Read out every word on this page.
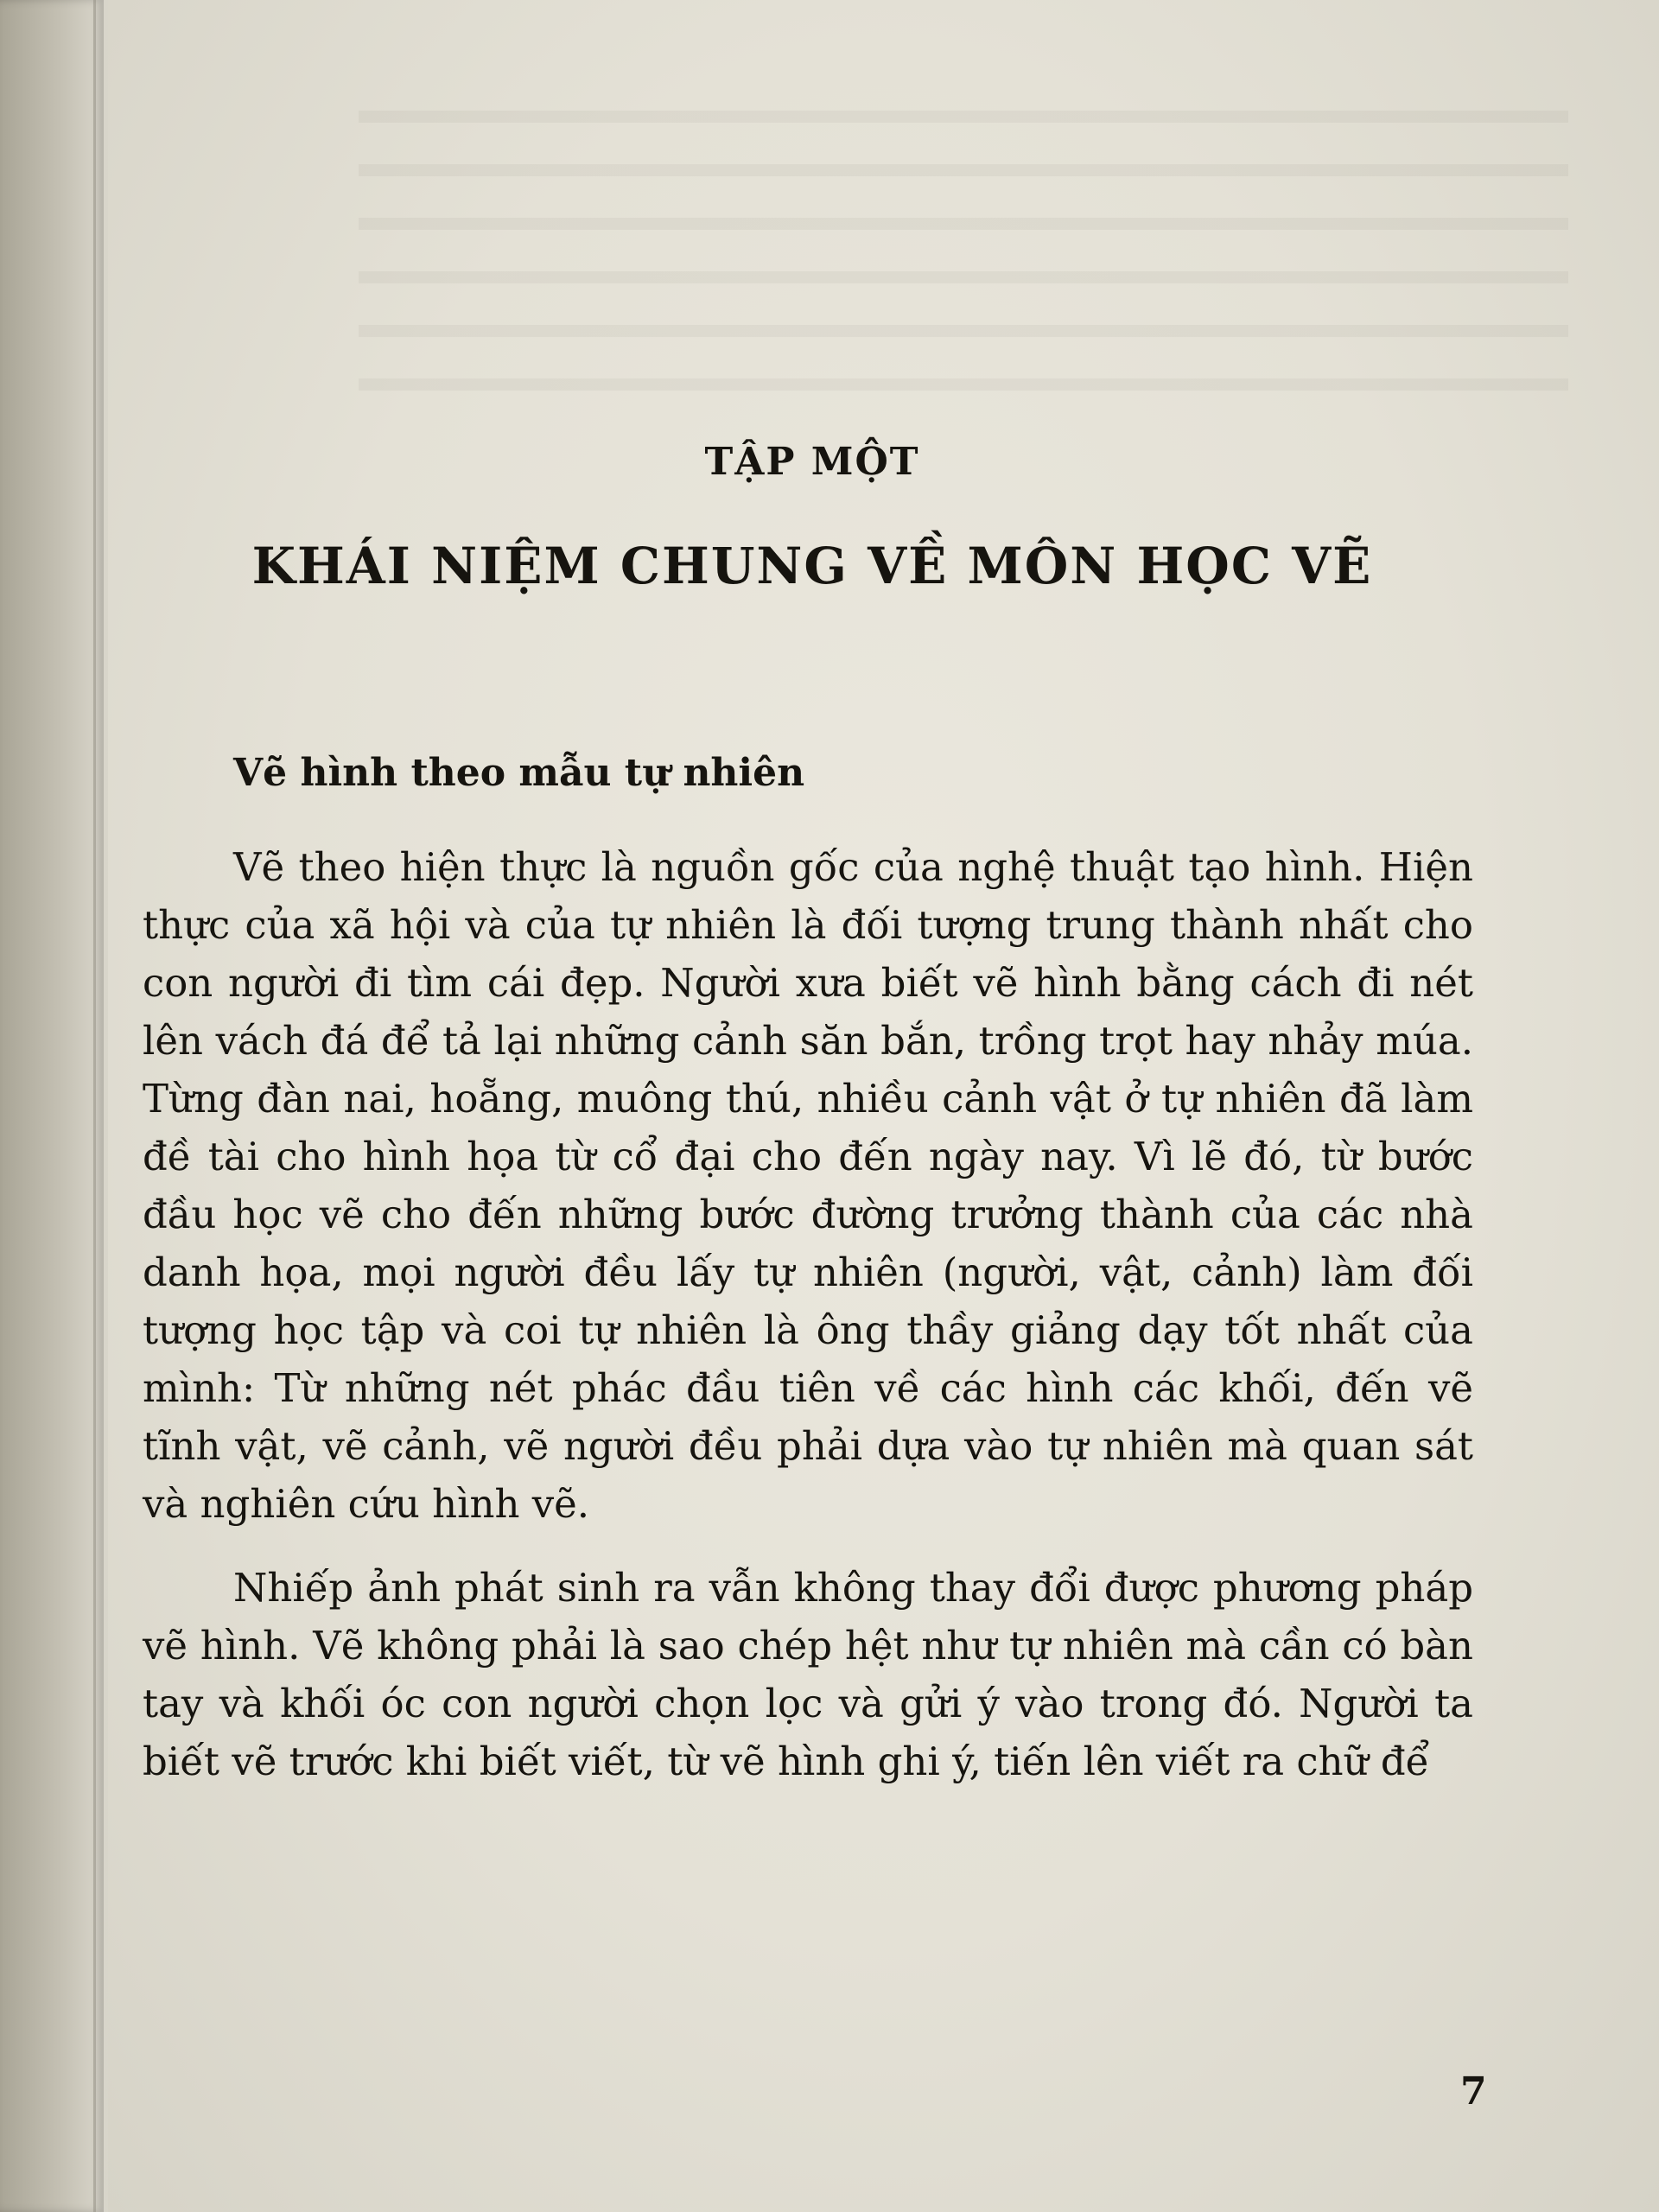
TẬP MỘT
KHÁI NIỆM CHUNG VỀ MÔN HỌC VẼ
Vẽ hình theo mẫu tự nhiên

Vẽ theo hiện thực là nguồn gốc của nghệ thuật tạo hình. Hiện thực của xã hội và của tự nhiên là đối tượng trung thành nhất cho con người đi tìm cái đẹp. Người xưa biết vẽ hình bằng cách đi nét lên vách đá để tả lại những cảnh săn bắn, trồng trọt hay nhảy múa. Từng đàn nai, hoẵng, muông thú, nhiều cảnh vật ở tự nhiên đã làm đề tài cho hình họa từ cổ đại cho đến ngày nay. Vì lẽ đó, từ bước đầu học vẽ cho đến những bước đường trưởng thành của các nhà danh họa, mọi người đều lấy tự nhiên (người, vật, cảnh) làm đối tượng học tập và coi tự nhiên là ông thầy giảng dạy tốt nhất của mình: Từ những nét phác đầu tiên về các hình các khối, đến vẽ tĩnh vật, vẽ cảnh, vẽ người đều phải dựa vào tự nhiên mà quan sát và nghiên cứu hình vẽ.

Nhiếp ảnh phát sinh ra vẫn không thay đổi được phương pháp vẽ hình. Vẽ không phải là sao chép hệt như tự nhiên mà cần có bàn tay và khối óc con người chọn lọc và gửi ý vào trong đó. Người ta biết vẽ trước khi biết viết, từ vẽ hình ghi ý, tiến lên viết ra chữ để

7
